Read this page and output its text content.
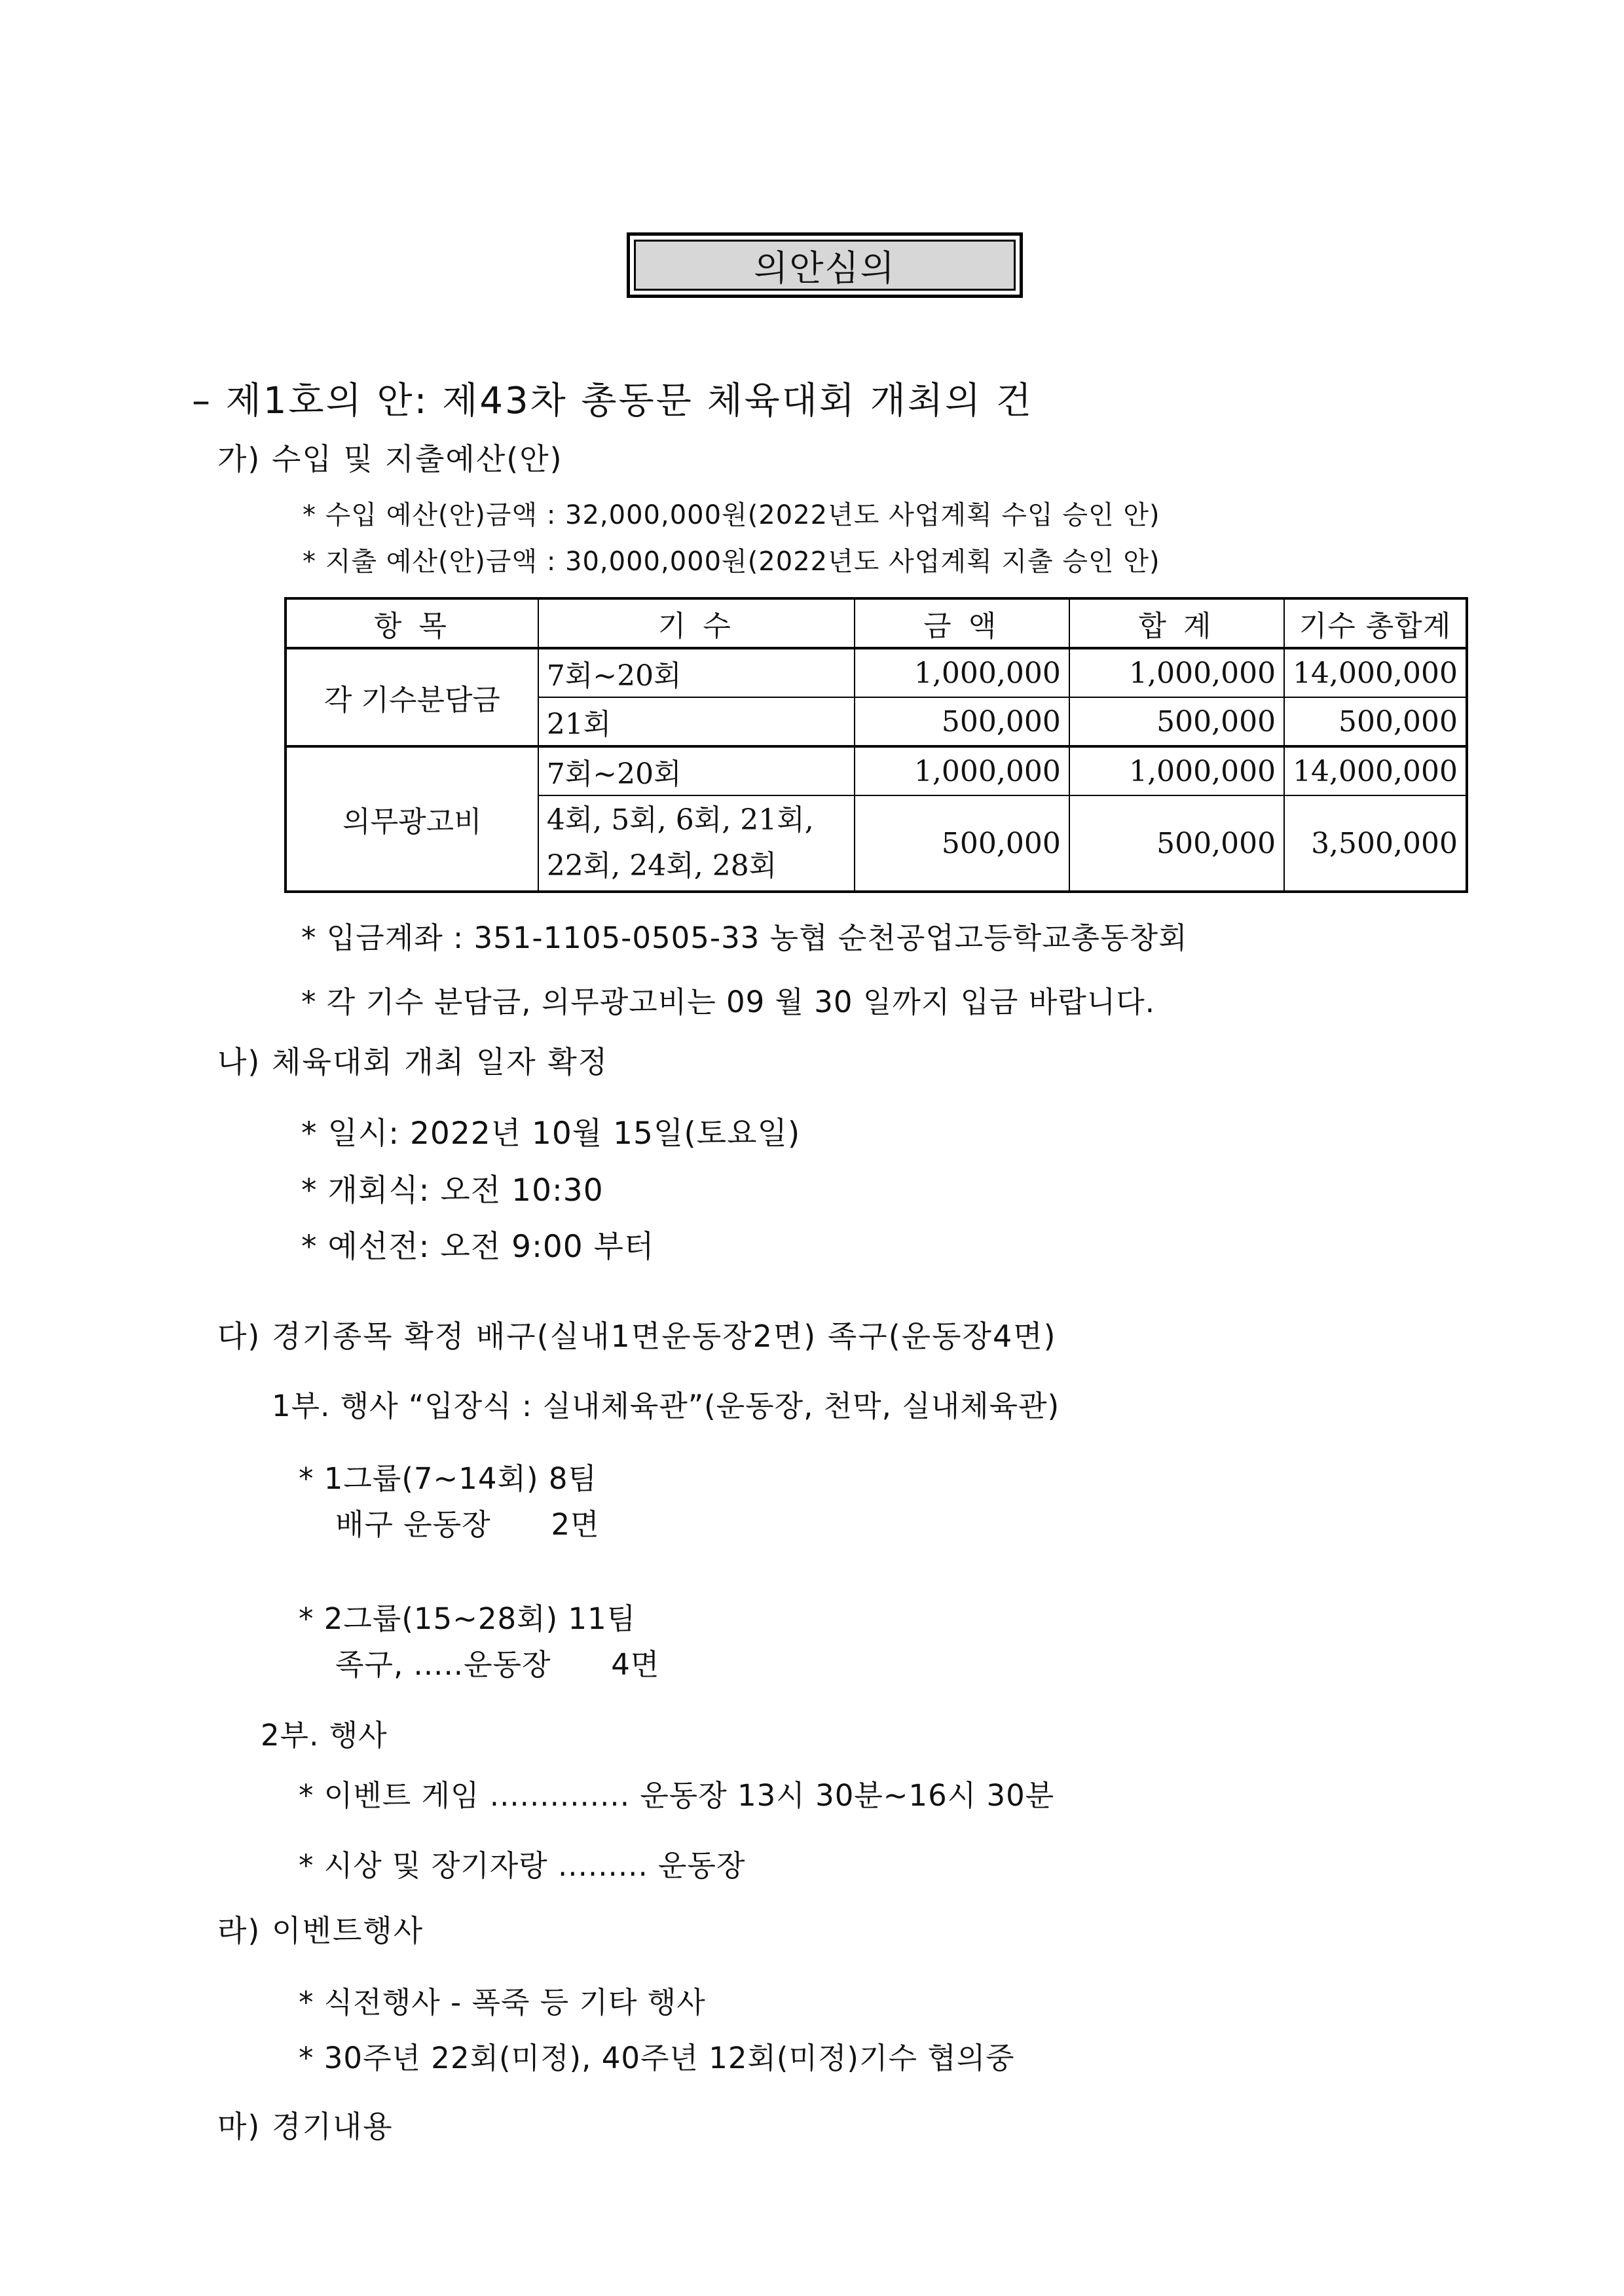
의안심의
– 제1호의 안: 제43차 총동문 체육대회 개최의 건
가) 수입 및 지출예산(안)
* 수입 예산(안)금액 : 32,000,000원(2022년도 사업계획 수입 승인 안)
* 지출 예산(안)금액 : 30,000,000원(2022년도 사업계획 지출 승인 안)
항 목	기 수	금 액	합 계	기수 총합계
각 기수분담금	7회~20회	1,000,000	1,000,000	14,000,000
	21회	500,000	500,000	500,000
의무광고비	7회~20회	1,000,000	1,000,000	14,000,000

	4회, 5회, 6회, 21회,
22회, 24회, 28회	500,000	500,000	3,500,000
* 입금계좌 : 351-1105-0505-33 농협 순천공업고등학교총동창회
* 각 기수 분담금, 의무광고비는 09 월 30 일까지 입금 바랍니다.
나) 체육대회 개최 일자 확정
* 일시: 2022년 10월 15일(토요일)
* 개회식: 오전 10:30
* 예선전: 오전 9:00 부터
다) 경기종목 확정 배구(실내1면운동장2면) 족구(운동장4면)
1부. 행사 “입장식 : 실내체육관”(운동장, 천막, 실내체육관)
* 1그룹(7~14회) 8팀
배구 운동장      2면
* 2그룹(15~28회) 11팀
족구, .....운동장      4면
2부. 행사
* 이벤트 게임 .............. 운동장 13시 30분~16시 30분
* 시상 및 장기자랑 ......... 운동장
라) 이벤트행사
* 식전행사 - 폭죽 등 기타 행사
* 30주년 22회(미정), 40주년 12회(미정)기수 협의중
마) 경기내용
